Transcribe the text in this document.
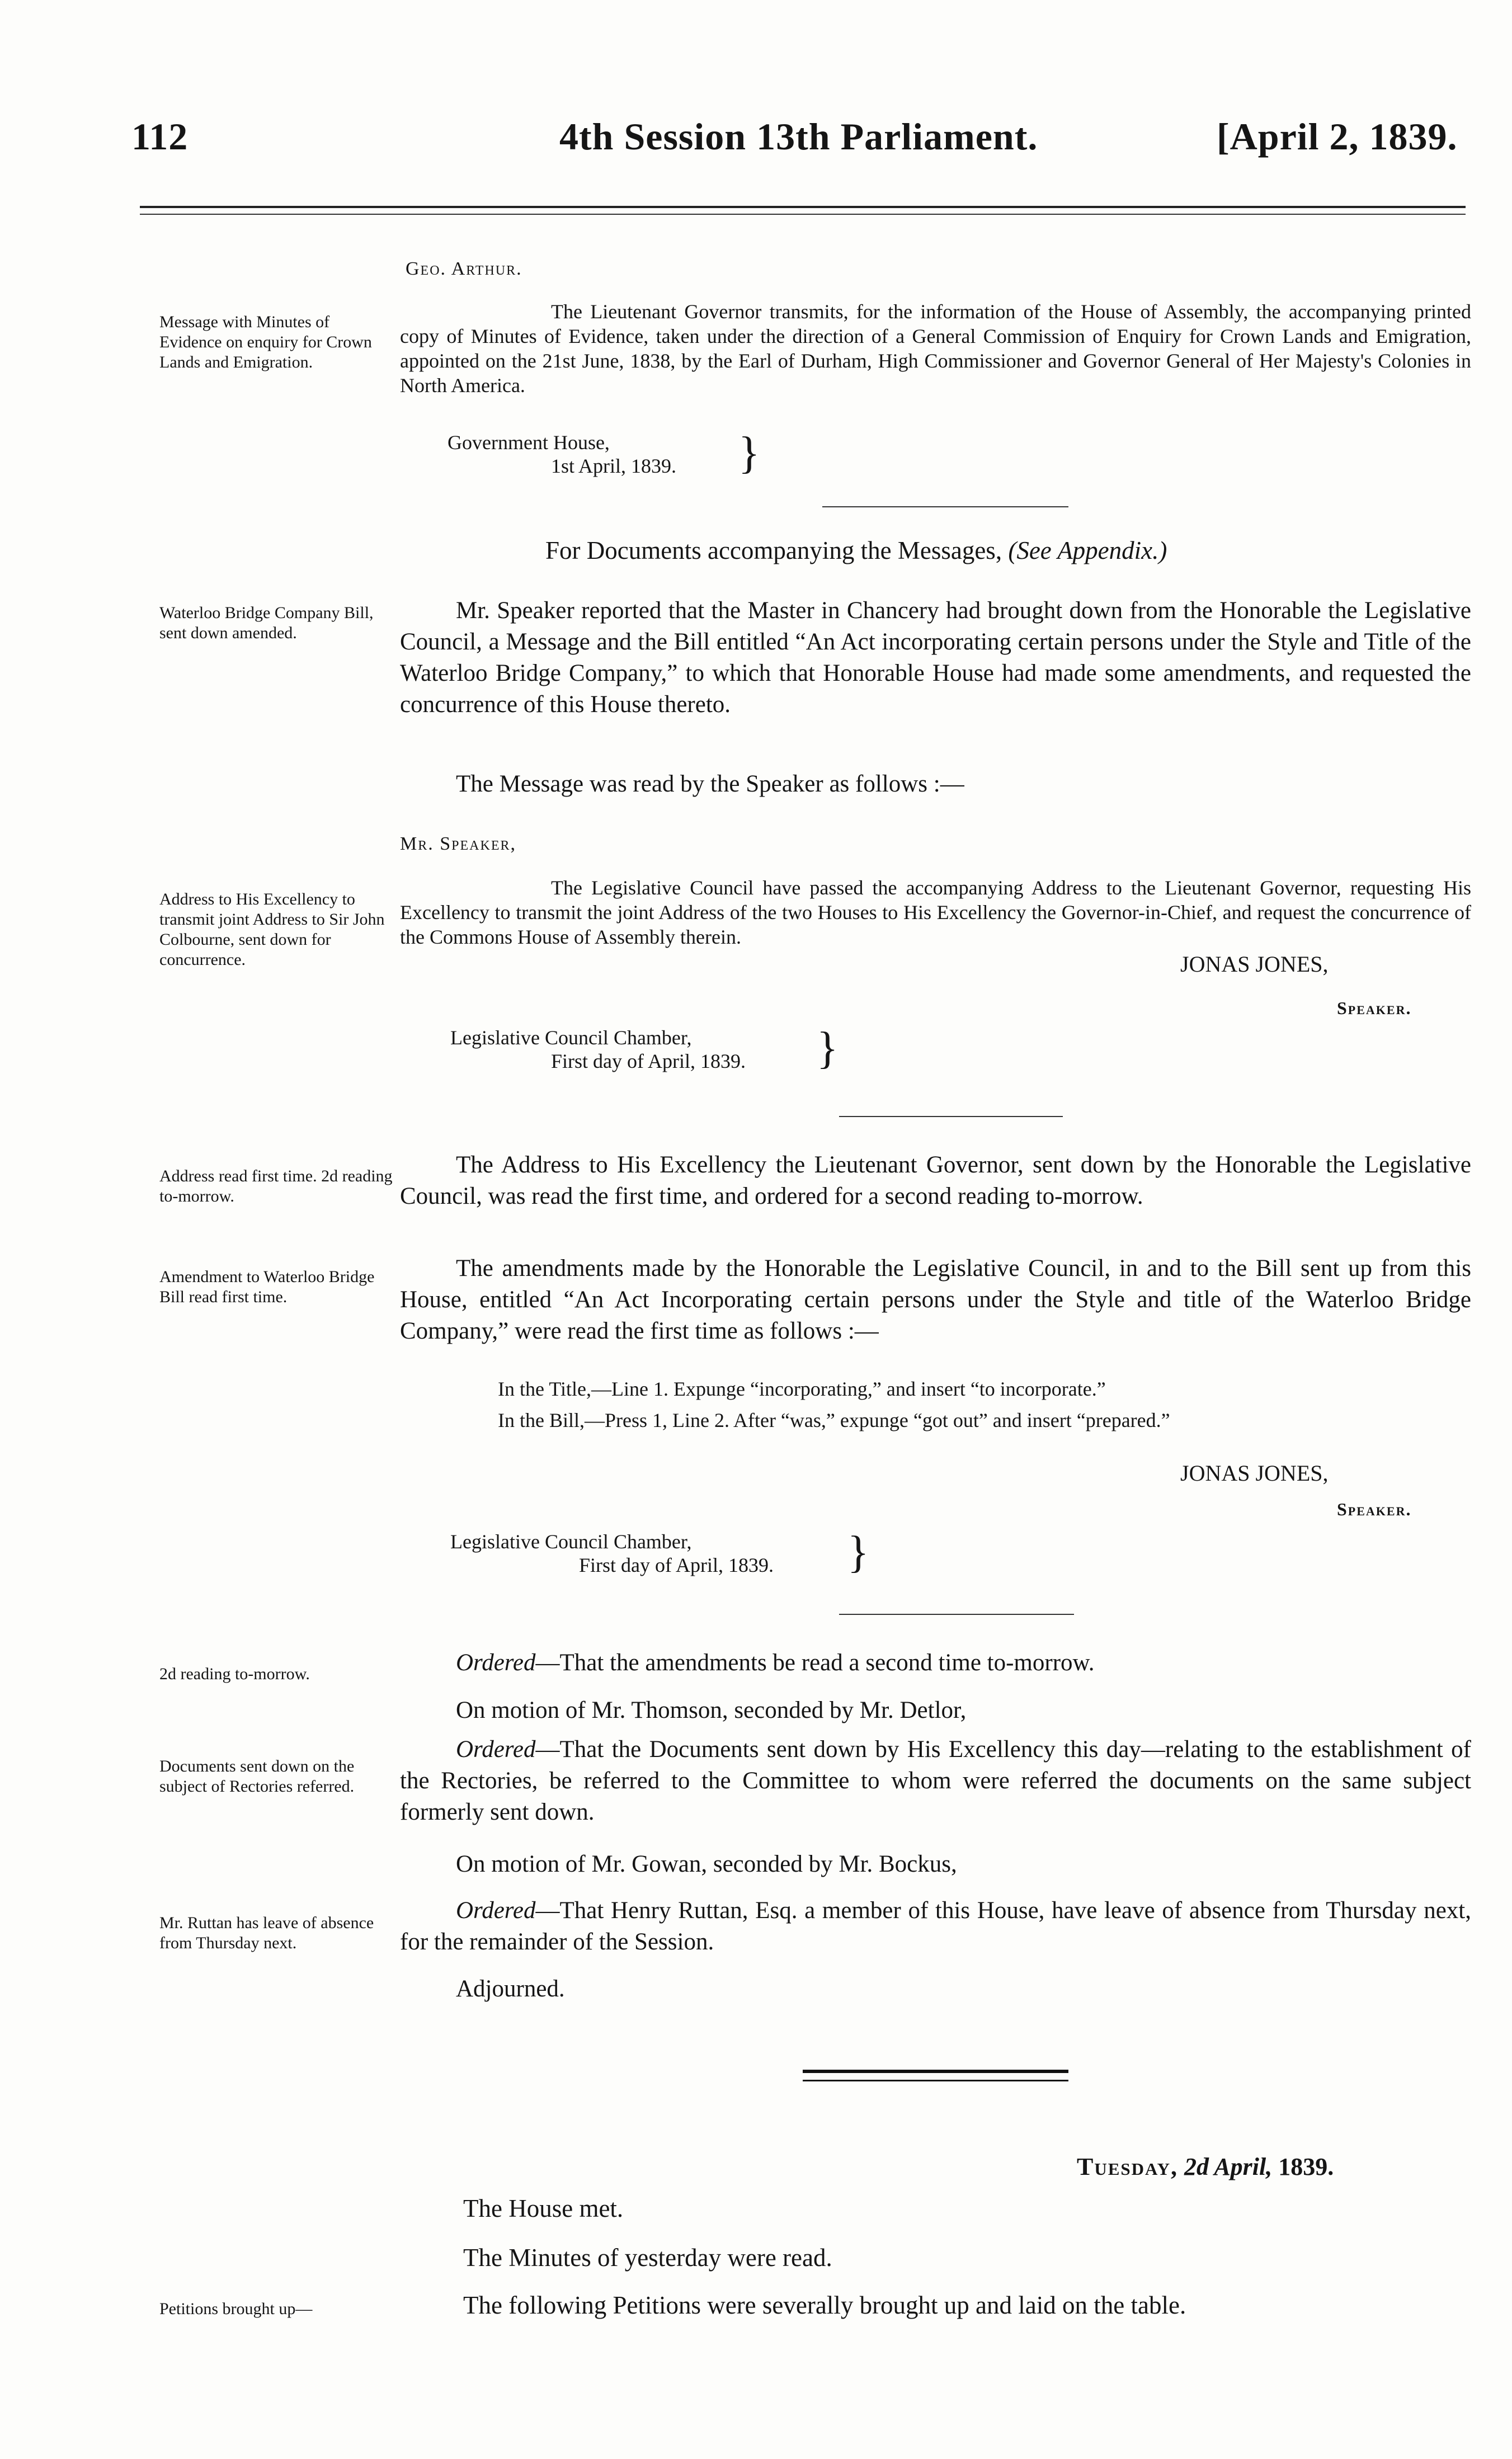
112	4th Session 13th Parliament.	[April 2, 1839.
Geo. Arthur.
Message with Minutes of Evidence on enquiry for Crown Lands and Emigration.
The Lieutenant Governor transmits, for the information of the House of Assembly, the accompanying printed copy of Minutes of Evidence, taken under the direction of a General Commission of Enquiry for Crown Lands and Emigration, appointed on the 21st June, 1838, by the Earl of Durham, High Commissioner and Governor General of Her Majesty's Colonies in North America.
Government House,
1st April, 1839. }
For Documents accompanying the Messages, (See Appendix.)
Waterloo Bridge Company Bill, sent down amended.
Mr. Speaker reported that the Master in Chancery had brought down from the Honorable the Legislative Council, a Message and the Bill entitled “An Act incorporating certain persons under the Style and Title of the Waterloo Bridge Company,” to which that Honorable House had made some amendments, and requested the concurrence of this House thereto.
The Message was read by the Speaker as follows :—
Mr. Speaker,
Address to His Excellency to transmit joint Address to Sir John Colbourne, sent down for concurrence.
The Legislative Council have passed the accompanying Address to the Lieutenant Governor, requesting His Excellency to transmit the joint Address of the two Houses to His Excellency the Governor-in-Chief, and request the concurrence of the Commons House of Assembly therein.
JONAS JONES,
Speaker.
Legislative Council Chamber,
First day of April, 1839. }
Address read first time. 2d reading to-morrow.
The Address to His Excellency the Lieutenant Governor, sent down by the Honorable the Legislative Council, was read the first time, and ordered for a second reading to-morrow.
Amendment to Waterloo Bridge Bill read first time.
The amendments made by the Honorable the Legislative Council, in and to the Bill sent up from this House, entitled “An Act Incorporating certain persons under the Style and title of the Waterloo Bridge Company,” were read the first time as follows :—
In the Title,—Line 1. Expunge “incorporating,” and insert “to incorporate.”
In the Bill,—Press 1, Line 2. After “was,” expunge “got out” and insert “prepared.”
JONAS JONES,
Speaker.
Legislative Council Chamber,
First day of April, 1839. }
2d reading to-morrow.	Ordered—That the amendments be read a second time to-morrow.
On motion of Mr. Thomson, seconded by Mr. Detlor,
Documents sent down on the subject of Rectories referred.
Ordered—That the Documents sent down by His Excellency this day—relating to the establishment of the Rectories, be referred to the Committee to whom were referred the documents on the same subject formerly sent down.
On motion of Mr. Gowan, seconded by Mr. Bockus,
Mr. Ruttan has leave of absence from Thursday next.
Ordered—That Henry Ruttan, Esq. a member of this House, have leave of absence from Thursday next, for the remainder of the Session.
Adjourned.
Tuesday, 2d April, 1839.
The House met.
The Minutes of yesterday were read.
Petitions brought up—	The following Petitions were severally brought up and laid on the table.
